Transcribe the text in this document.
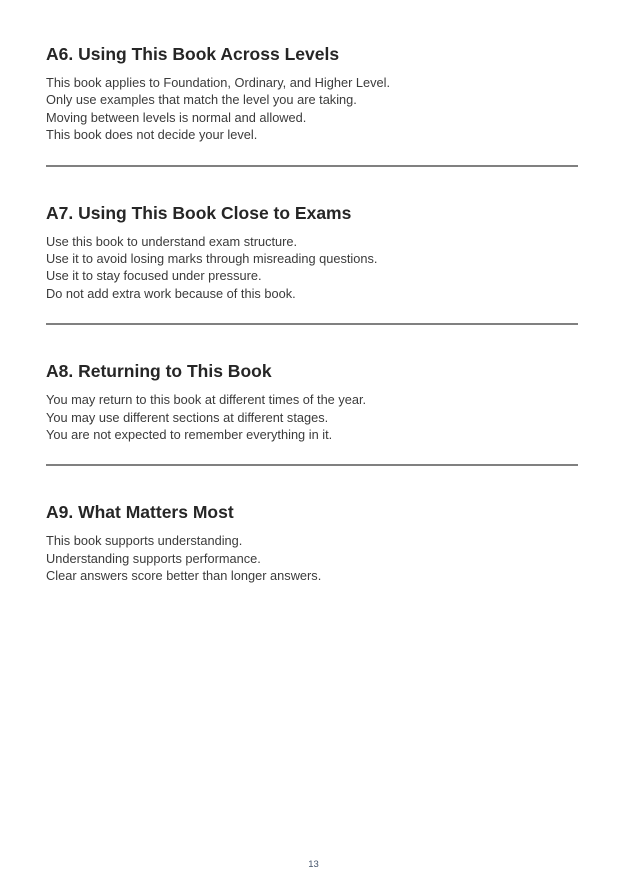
A6. Using This Book Across Levels
This book applies to Foundation, Ordinary, and Higher Level.
Only use examples that match the level you are taking.
Moving between levels is normal and allowed.
This book does not decide your level.
A7. Using This Book Close to Exams
Use this book to understand exam structure.
Use it to avoid losing marks through misreading questions.
Use it to stay focused under pressure.
Do not add extra work because of this book.
A8. Returning to This Book
You may return to this book at different times of the year.
You may use different sections at different stages.
You are not expected to remember everything in it.
A9. What Matters Most
This book supports understanding.
Understanding supports performance.
Clear answers score better than longer answers.
13
